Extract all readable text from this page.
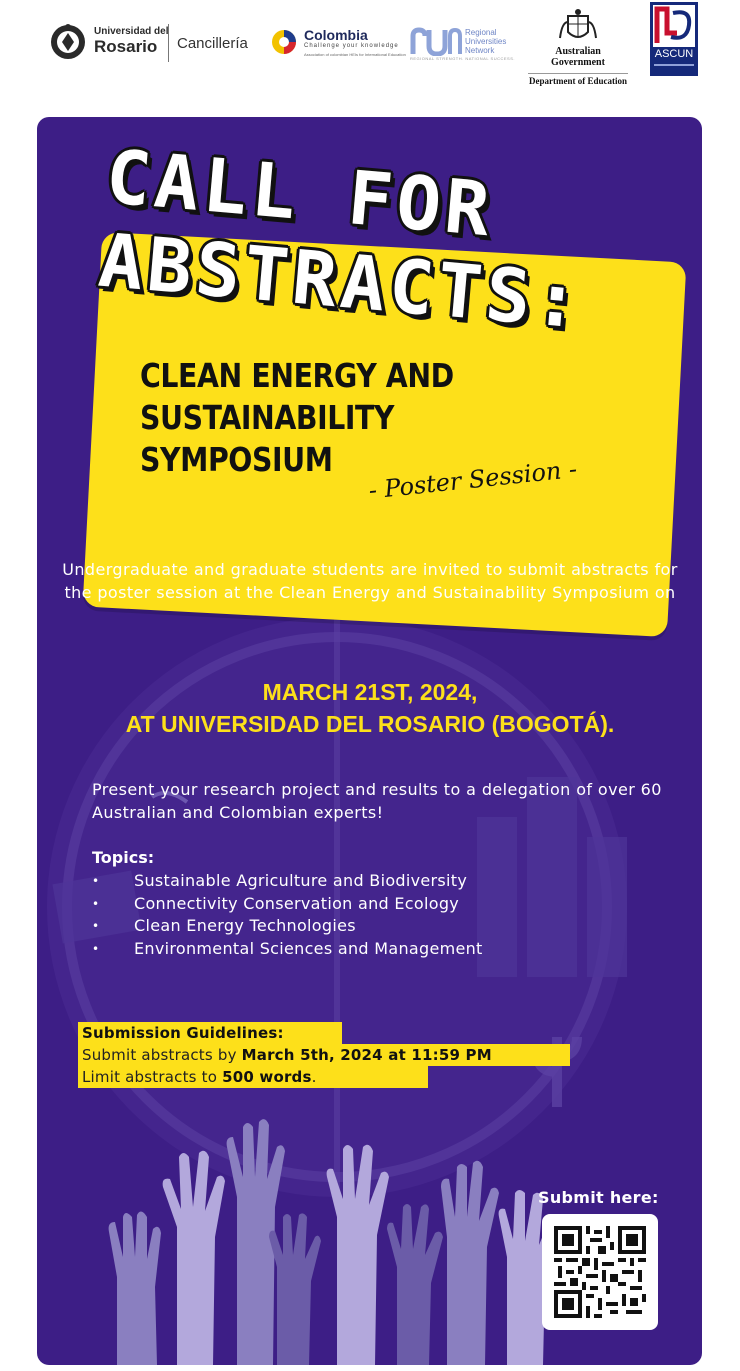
Universidad del
Rosario	Cancillería	Colombia
Challenge your knowledge
Association of colombian HEIs for International Education
Regional
Universities
Network
REGIONAL STRENGTH. NATIONAL SUCCESS.
Australian Government
Department of Education
ASCUN
CALL FOR
ABSTRACTS:
CLEAN ENERGY AND
SUSTAINABILITY SYMPOSIUM	- Poster Session -
Undergraduate and graduate students are invited to submit abstracts for the poster session at the Clean Energy and Sustainability Symposium on
MARCH 21ST, 2024,
AT UNIVERSIDAD DEL ROSARIO (BOGOTÁ).
Present your research project and results to a delegation of over 60 Australian and Colombian experts!
Topics:
• Sustainable Agriculture and Biodiversity
• Connectivity Conservation and Ecology
• Clean Energy Technologies
• Environmental Sciences and Management
Submission Guidelines:
Submit abstracts by March 5th, 2024 at 11:59 PM
Limit abstracts to 500 words.
Submit here:
